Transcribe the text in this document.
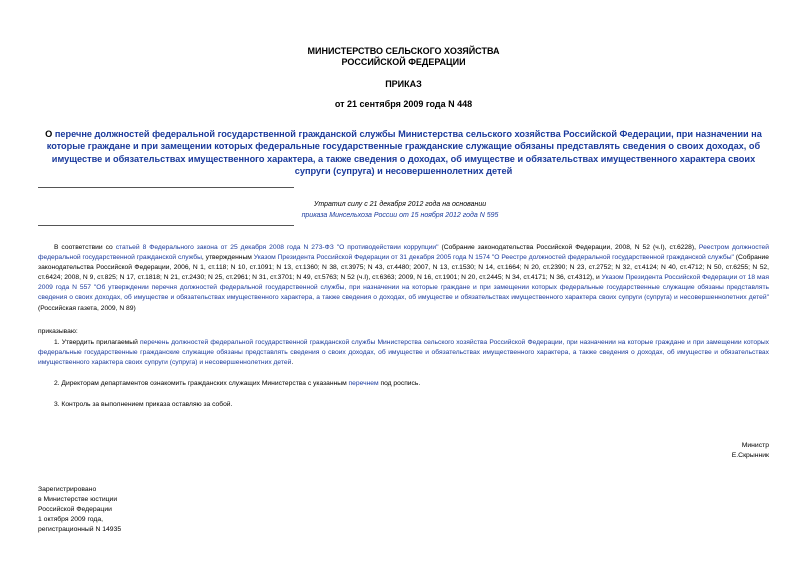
МИНИСТЕРСТВО СЕЛЬСКОГО ХОЗЯЙСТВА
РОССИЙСКОЙ ФЕДЕРАЦИИ
ПРИКАЗ
от 21 сентября 2009 года N 448
О перечне должностей федеральной государственной гражданской службы Министерства сельского хозяйства Российской Федерации, при назначении на которые граждане и при замещении которых федеральные государственные гражданские служащие обязаны представлять сведения о своих доходах, об имуществе и обязательствах имущественного характера, а также сведения о доходах, об имуществе и обязательствах имущественного характера своих супруги (супруга) и несовершеннолетних детей
Утратил силу с 21 декабря 2012 года на основании
приказа Минсельхоза России от 15 ноября 2012 года N 595
В соответствии со статьей 8 Федерального закона от 25 декабря 2008 года N 273-ФЗ "О противодействии коррупции" (Собрание законодательства Российской Федерации, 2008, N 52 (ч.I), ст.6228), Реестром должностей федеральной государственной гражданской службы, утвержденным Указом Президента Российской Федерации от 31 декабря 2005 года N 1574 "О Реестре должностей федеральной государственной гражданской службы" (Собрание законодательства Российской Федерации, 2006, N 1, ст.118; N 10, ст.1091; N 13, ст.1360; N 38, ст.3975; N 43, ст.4480; 2007, N 13, ст.1530; N 14, ст.1664; N 20, ст.2390; N 23, ст.2752; N 32, ст.4124; N 40, ст.4712; N 50, ст.6255; N 52, ст.6424; 2008, N 9, ст.825; N 17, ст.1818; N 21, ст.2430; N 25, ст.2961; N 31, ст.3701; N 49, ст.5763; N 52 (ч.I), ст.6363; 2009, N 16, ст.1901; N 20, ст.2445; N 34, ст.4171; N 36, ст.4312), и Указом Президента Российской Федерации от 18 мая 2009 года N 557 "Об утверждении перечня должностей федеральной государственной службы, при назначении на которые граждане и при замещении которых федеральные государственные служащие обязаны представлять сведения о своих доходах, об имуществе и обязательствах имущественного характера, а также сведения о доходах, об имуществе и обязательствах имущественного характера своих супруги (супруга) и несовершеннолетних детей" (Российская газета, 2009, N 89)
приказываю:
1. Утвердить прилагаемый перечень должностей федеральной государственной гражданской службы Министерства сельского хозяйства Российской Федерации, при назначении на которые граждане и при замещении которых федеральные государственные гражданские служащие обязаны представлять сведения о своих доходах, об имуществе и обязательствах имущественного характера, а также сведения о доходах, об имуществе и обязательствах имущественного характера своих супруги (супруга) и несовершеннолетних детей.
2. Директорам департаментов ознакомить гражданских служащих Министерства с указанным перечнем под роспись.
3. Контроль за выполнением приказа оставляю за собой.
Министр
Е.Скрынник
Зарегистрировано
в Министерстве юстиции
Российской Федерации
1 октября 2009 года,
регистрационный N 14935
